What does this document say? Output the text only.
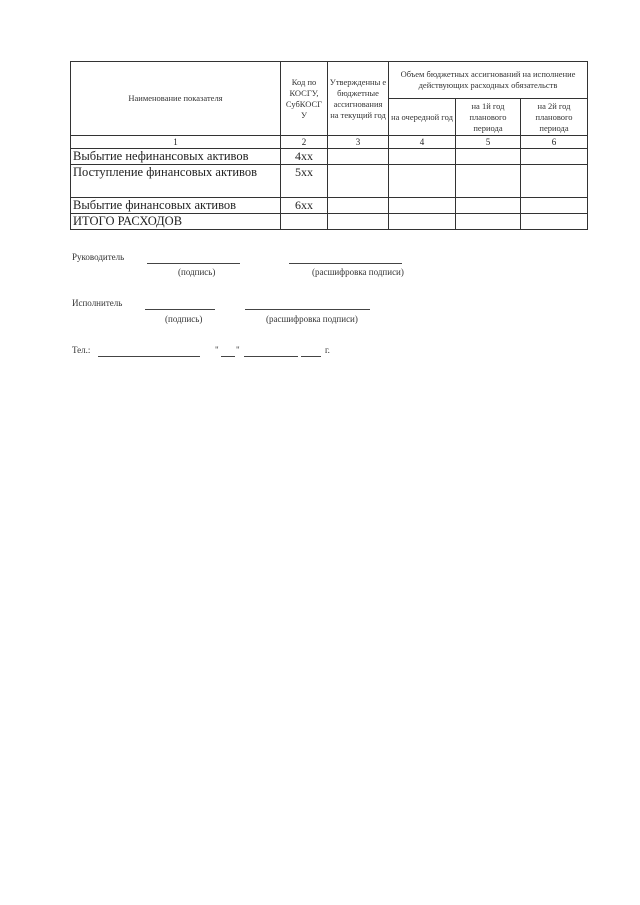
Наименование показателя	Код по КОСГУ, СубКОСГ У	Утвержденны е бюджетные ассигнования на текущий год	Объем бюджетных ассигнований на исполнение действующих расходных обязательств		
			на очередной год	на 1й год планового периода	на 2й год планового периода
1	2	3	4	5	6
Выбытие нефинансовых активов	4хх				
Поступление финансовых активов	5хх				
Выбытие финансовых активов	6хх				
ИТОГО РАСХОДОВ					
Руководитель
(подпись)	(расшифровка подписи)
Исполнитель
(подпись)	(расшифровка подписи)
Тел.:	" "	г.
